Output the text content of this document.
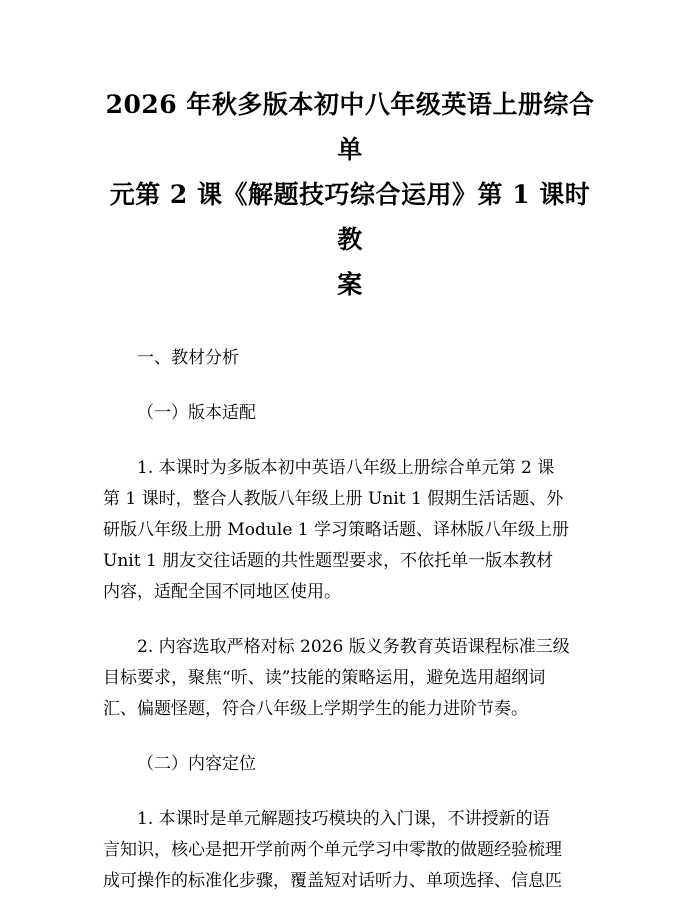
2026 年秋多版本初中八年级英语上册综合单
元第 2 课《解题技巧综合运用》第 1 课时教
案

一、教材分析

（一）版本适配

1. 本课时为多版本初中英语八年级上册综合单元第 2 课
第 1 课时，整合人教版八年级上册 Unit 1 假期生活话题、外
研版八年级上册 Module 1 学习策略话题、译林版八年级上册
Unit 1 朋友交往话题的共性题型要求，不依托单一版本教材
内容，适配全国不同地区使用。

2. 内容选取严格对标 2026 版义务教育英语课程标准三级
目标要求，聚焦“听、读”技能的策略运用，避免选用超纲词
汇、偏题怪题，符合八年级上学期学生的能力进阶节奏。

（二）内容定位

1. 本课时是单元解题技巧模块的入门课，不讲授新的语
言知识，核心是把开学前两个单元学习中零散的做题经验梳理
成可操作的标准化步骤，覆盖短对话听力、单项选择、信息匹
